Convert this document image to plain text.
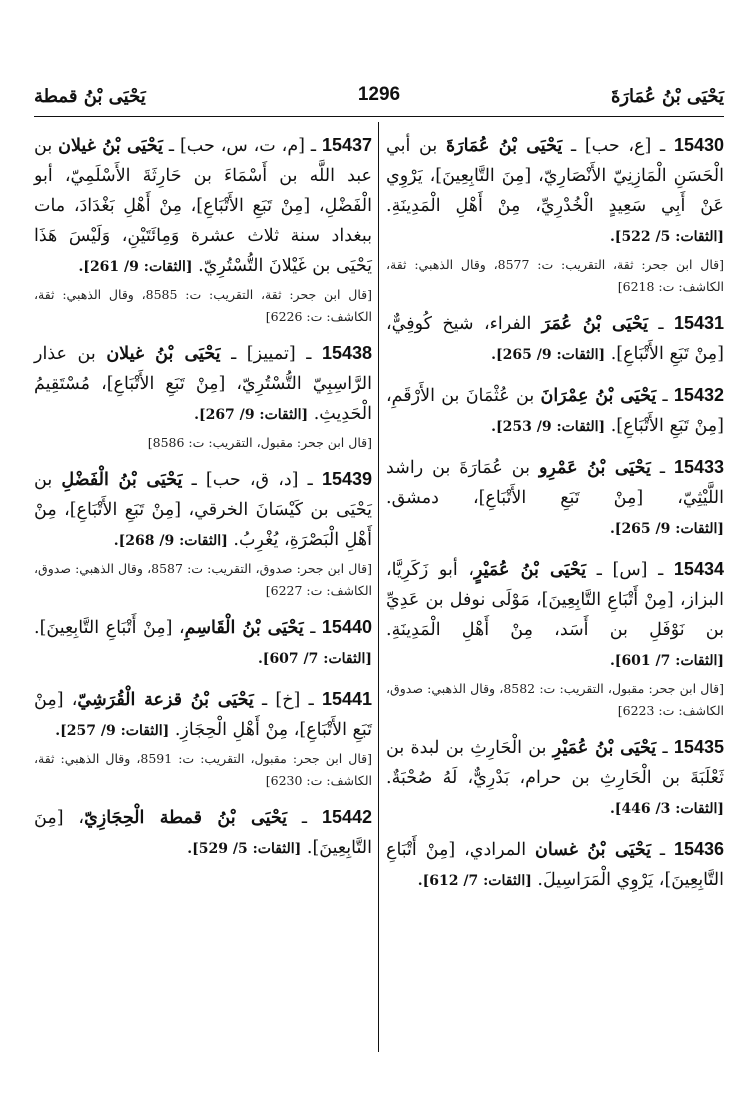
يَحْيَى بْنُ عُمَارَةَ
1296
يَحْيَى بْنُ قمطة

15430 ـ [ع، حب] ـ يَحْيَى بْنُ عُمَارَةَ بن أبي الْحَسَنِ الْمَازِنِيّ الأَنْصَارِيّ، [مِنَ التَّابِعِينَ]، يَرْوِي عَنْ أَبِي سَعِيدٍ الْخُدْرِيِّ، مِنْ أَهْلِ الْمَدِينَةِ. [الثقات: 5/ 522].

[قال ابن جحر: ثقة، التقريب: ت: 8577، وقال الذهبي: ثقة، الكاشف: ت: 6218]

15431 ـ يَحْيَى بْنُ عُمَرَ الفراء، شيخ كُوفِيٌّ، [مِنْ تَبَعِ الأَتْبَاعِ]. [الثقات: 9/ 265].

15432 ـ يَحْيَى بْنُ عِمْرَانَ بن عُثْمَانَ بن الأَرْقَمِ، [مِنْ تَبَعِ الأَتْبَاعِ]. [الثقات: 9/ 253].

15433 ـ يَحْيَى بْنُ عَمْرِو بن عُمَارَةَ بن راشد اللَّيْثِيّ، [مِنْ تَبَعِ الأَتْبَاعِ]، دمشق. [الثقات: 9/ 265].

15434 ـ [س] ـ يَحْيَى بْنُ عُمَيْرٍ، أبو زَكَرِيَّا، البزاز، [مِنْ أَتْبَاعِ التَّابِعِينَ]، مَوْلَى نوفل بن عَدِيِّ بن نَوْفَلِ بن أَسَد، مِنْ أَهْلِ الْمَدِينَةِ. [الثقات: 7/ 601].

[قال ابن جحر: مقبول، التقريب: ت: 8582، وقال الذهبي: صدوق، الكاشف: ت: 6223]

15435 ـ يَحْيَى بْنُ عُمَيْرِ بن الْحَارِثِ بن لبدة بن ثَعْلَبَةَ بن الْحَارِثِ بن حرام، بَدْرِيٌّ، لَهُ صُحْبَةٌ. [الثقات: 3/ 446].

15436 ـ يَحْيَى بْنُ غسان المرادي، [مِنْ أَتْبَاعِ التَّابِعِينَ]، يَرْوِي الْمَرَاسِيلَ. [الثقات: 7/ 612].

15437 ـ [م، ت، س، حب] ـ يَحْيَى بْنُ غيلان بن عبد اللَّه بن أَسْمَاءَ بن حَارِثَةَ الأَسْلَمِيّ، أبو الْفَضْلِ، [مِنْ تَبَعِ الأَتْبَاعِ]، مِنْ أَهْلِ بَغْدَادَ، مات ببغداد سنة ثلاث عشرة وَمِائَتَيْنِ، وَلَيْسَ هَذَا يَحْيَى بن غَيْلانَ التُّسْتُرِيّ. [الثقات: 9/ 261].

[قال ابن جحر: ثقة، التقريب: ت: 8585، وقال الذهبي: ثقة، الكاشف: ت: 6226]

15438 ـ [تمييز] ـ يَحْيَى بْنُ غيلان بن عذار الرَّاسِبِيّ التُّسْتُرِيّ، [مِنْ تَبَعِ الأَتْبَاعِ]، مُسْتَقِيمُ الْحَدِيثِ. [الثقات: 9/ 267].

[قال ابن جحر: مقبول، التقريب: ت: 8586]

15439 ـ [د، ق، حب] ـ يَحْيَى بْنُ الْفَضْلِ بن يَحْيَى بن كَيْسَانَ الخرقي، [مِنْ تَبَعِ الأَتْبَاعِ]، مِنْ أَهْلِ الْبَصْرَةِ، يُغْرِبُ. [الثقات: 9/ 268].

[قال ابن جحر: صدوق، التقريب: ت: 8587، وقال الذهبي: صدوق، الكاشف: ت: 6227]

15440 ـ يَحْيَى بْنُ الْقَاسِمِ، [مِنْ أَتْبَاعِ التَّابِعِينَ]. [الثقات: 7/ 607].

15441 ـ [خ] ـ يَحْيَى بْنُ قزعة الْقُرَشِيّ، [مِنْ تَبَعِ الأَتْبَاعِ]، مِنْ أَهْلِ الْحِجَازِ. [الثقات: 9/ 257].

[قال ابن جحر: مقبول، التقريب: ت: 8591، وقال الذهبي: ثقة، الكاشف: ت: 6230]

15442 ـ يَحْيَى بْنُ قمطة الْحِجَازِيّ، [مِنَ التَّابِعِينَ]. [الثقات: 5/ 529].
